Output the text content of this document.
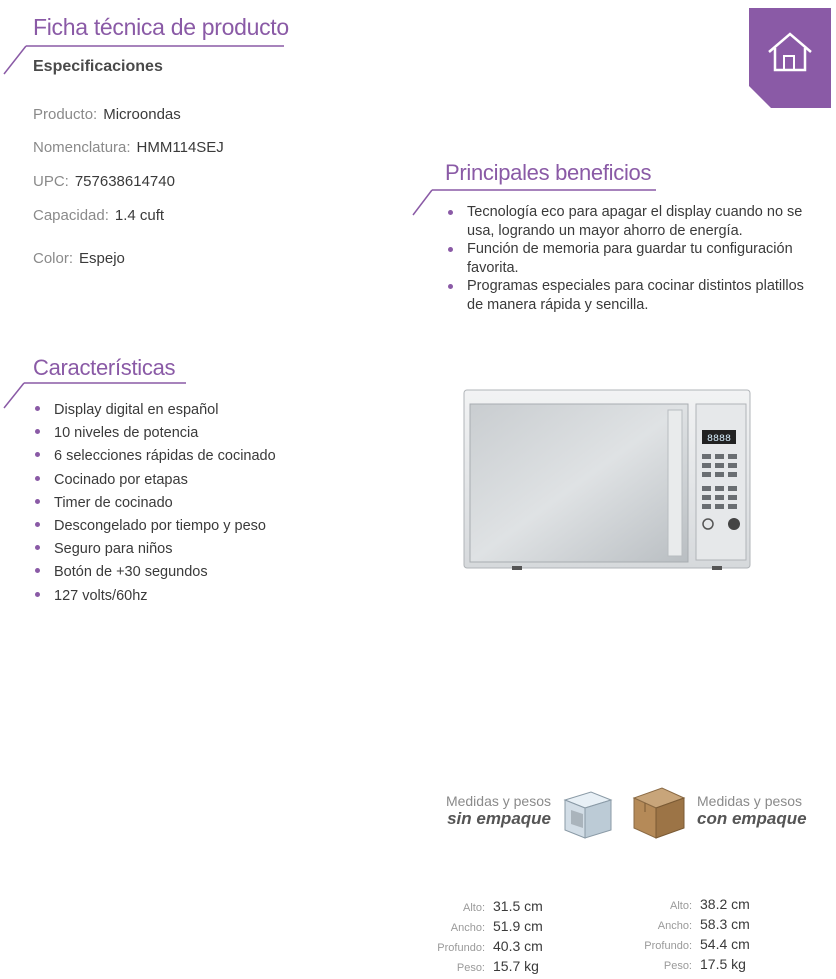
Ficha técnica de producto
Especificaciones
Producto: Microondas
Nomenclatura: HMM114SEJ
UPC: 757638614740
Capacidad: 1.4 cuft
Color: Espejo
Principales beneficios
Tecnología eco para apagar el display cuando no se usa, logrando un mayor ahorro de energía.
Función de memoria para guardar tu configuración favorita.
Programas especiales para cocinar distintos platillos de manera rápida y sencilla.
Características
Display digital en español
10 niveles de potencia
6 selecciones rápidas de cocinado
Cocinado por etapas
Timer de cocinado
Descongelado por tiempo y peso
Seguro para niños
Botón de +30 segundos
127 volts/60hz
8888
Medidas y pesos
sin empaque
Medidas y pesos
con empaque
Alto: 31.5 cm
Ancho: 51.9 cm
Profundo: 40.3 cm
Peso: 15.7 kg
Alto: 38.2 cm
Ancho: 58.3 cm
Profundo: 54.4 cm
Peso: 17.5 kg
